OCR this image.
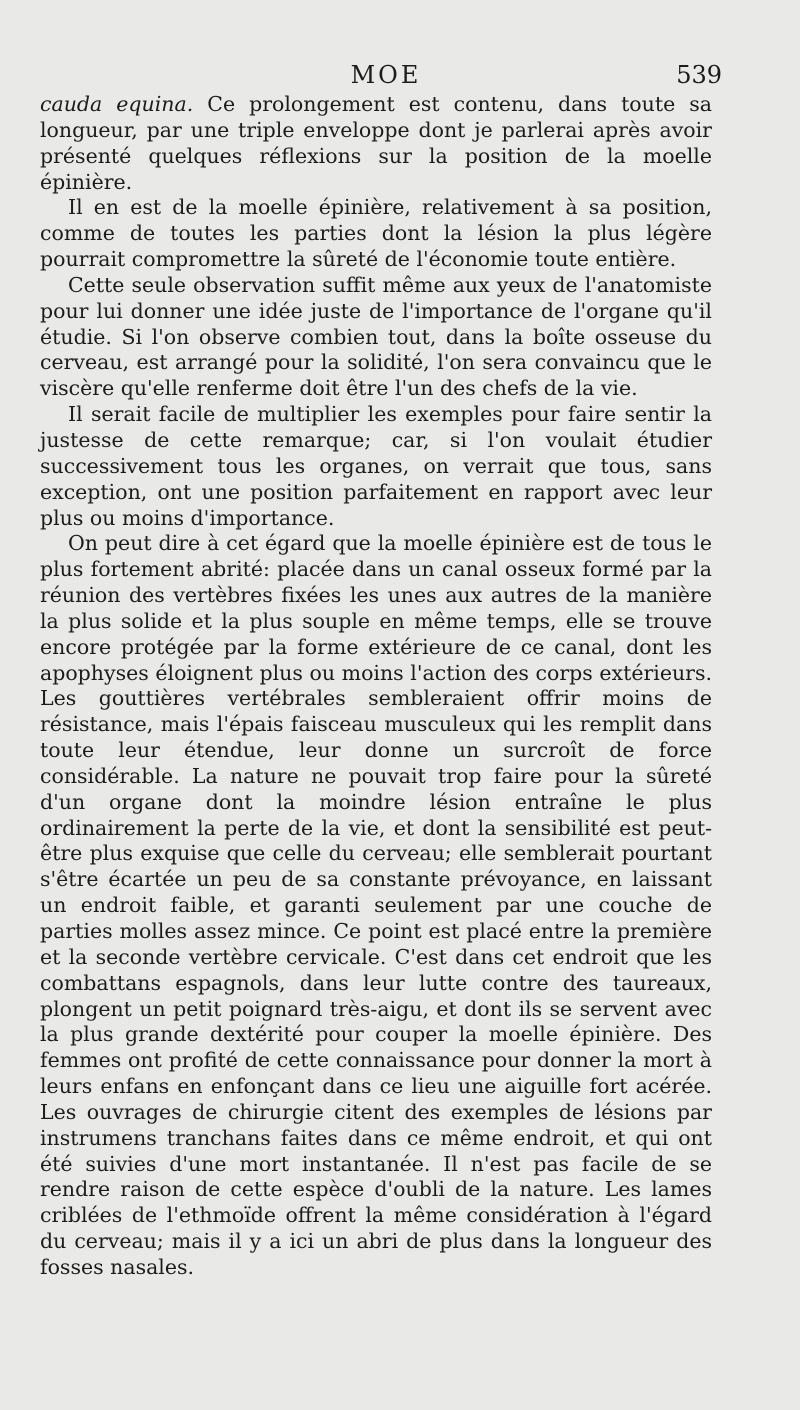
MOE	539

cauda equina. Ce prolongement est contenu, dans toute sa longueur, par une triple enveloppe dont je parlerai après avoir présenté quelques réflexions sur la position de la moelle épinière.

Il en est de la moelle épinière, relativement à sa position, comme de toutes les parties dont la lésion la plus légère pourrait compromettre la sûreté de l'économie toute entière.

Cette seule observation suffit même aux yeux de l'anatomiste pour lui donner une idée juste de l'importance de l'organe qu'il étudie. Si l'on observe combien tout, dans la boîte osseuse du cerveau, est arrangé pour la solidité, l'on sera convaincu que le viscère qu'elle renferme doit être l'un des chefs de la vie.

Il serait facile de multiplier les exemples pour faire sentir la justesse de cette remarque; car, si l'on voulait étudier successivement tous les organes, on verrait que tous, sans exception, ont une position parfaitement en rapport avec leur plus ou moins d'importance.

On peut dire à cet égard que la moelle épinière est de tous le plus fortement abrité: placée dans un canal osseux formé par la réunion des vertèbres fixées les unes aux autres de la manière la plus solide et la plus souple en même temps, elle se trouve encore protégée par la forme extérieure de ce canal, dont les apophyses éloignent plus ou moins l'action des corps extérieurs. Les gouttières vertébrales sembleraient offrir moins de résistance, mais l'épais faisceau musculeux qui les remplit dans toute leur étendue, leur donne un surcroît de force considérable. La nature ne pouvait trop faire pour la sûreté d'un organe dont la moindre lésion entraîne le plus ordinairement la perte de la vie, et dont la sensibilité est peut-être plus exquise que celle du cerveau; elle semblerait pourtant s'être écartée un peu de sa constante prévoyance, en laissant un endroit faible, et garanti seulement par une couche de parties molles assez mince. Ce point est placé entre la première et la seconde vertèbre cervicale. C'est dans cet endroit que les combattans espagnols, dans leur lutte contre des taureaux, plongent un petit poignard très-aigu, et dont ils se servent avec la plus grande dextérité pour couper la moelle épinière. Des femmes ont profité de cette connaissance pour donner la mort à leurs enfans en enfonçant dans ce lieu une aiguille fort acérée. Les ouvrages de chirurgie citent des exemples de lésions par instrumens tranchans faites dans ce même endroit, et qui ont été suivies d'une mort instantanée. Il n'est pas facile de se rendre raison de cette espèce d'oubli de la nature. Les lames criblées de l'ethmoïde offrent la même considération à l'égard du cerveau; mais il y a ici un abri de plus dans la longueur des fosses nasales.
